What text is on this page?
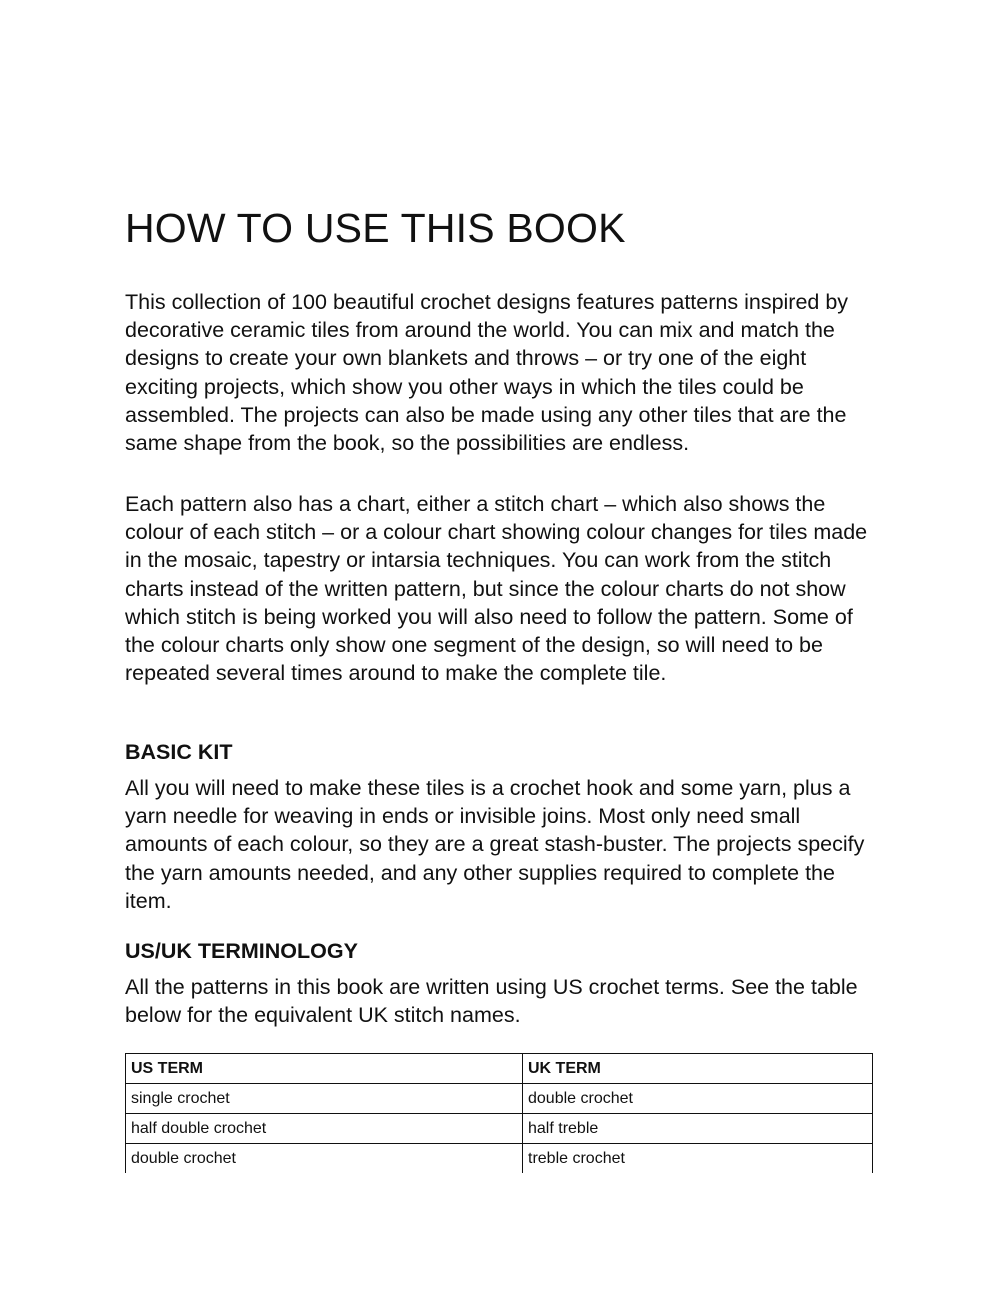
HOW TO USE THIS BOOK

This collection of 100 beautiful crochet designs features patterns inspired by decorative ceramic tiles from around the world. You can mix and match the designs to create your own blankets and throws – or try one of the eight exciting projects, which show you other ways in which the tiles could be assembled. The projects can also be made using any other tiles that are the same shape from the book, so the possibilities are endless.

Each pattern also has a chart, either a stitch chart – which also shows the colour of each stitch – or a colour chart showing colour changes for tiles made in the mosaic, tapestry or intarsia techniques. You can work from the stitch charts instead of the written pattern, but since the colour charts do not show which stitch is being worked you will also need to follow the pattern. Some of the colour charts only show one segment of the design, so will need to be repeated several times around to make the complete tile.

BASIC KIT

All you will need to make these tiles is a crochet hook and some yarn, plus a yarn needle for weaving in ends or invisible joins. Most only need small amounts of each colour, so they are a great stash-buster. The projects specify the yarn amounts needed, and any other supplies required to complete the item.

US/UK TERMINOLOGY

All the patterns in this book are written using US crochet terms. See the table below for the equivalent UK stitch names.

US TERM	UK TERM
single crochet	double crochet
half double crochet	half treble
double crochet	treble crochet
